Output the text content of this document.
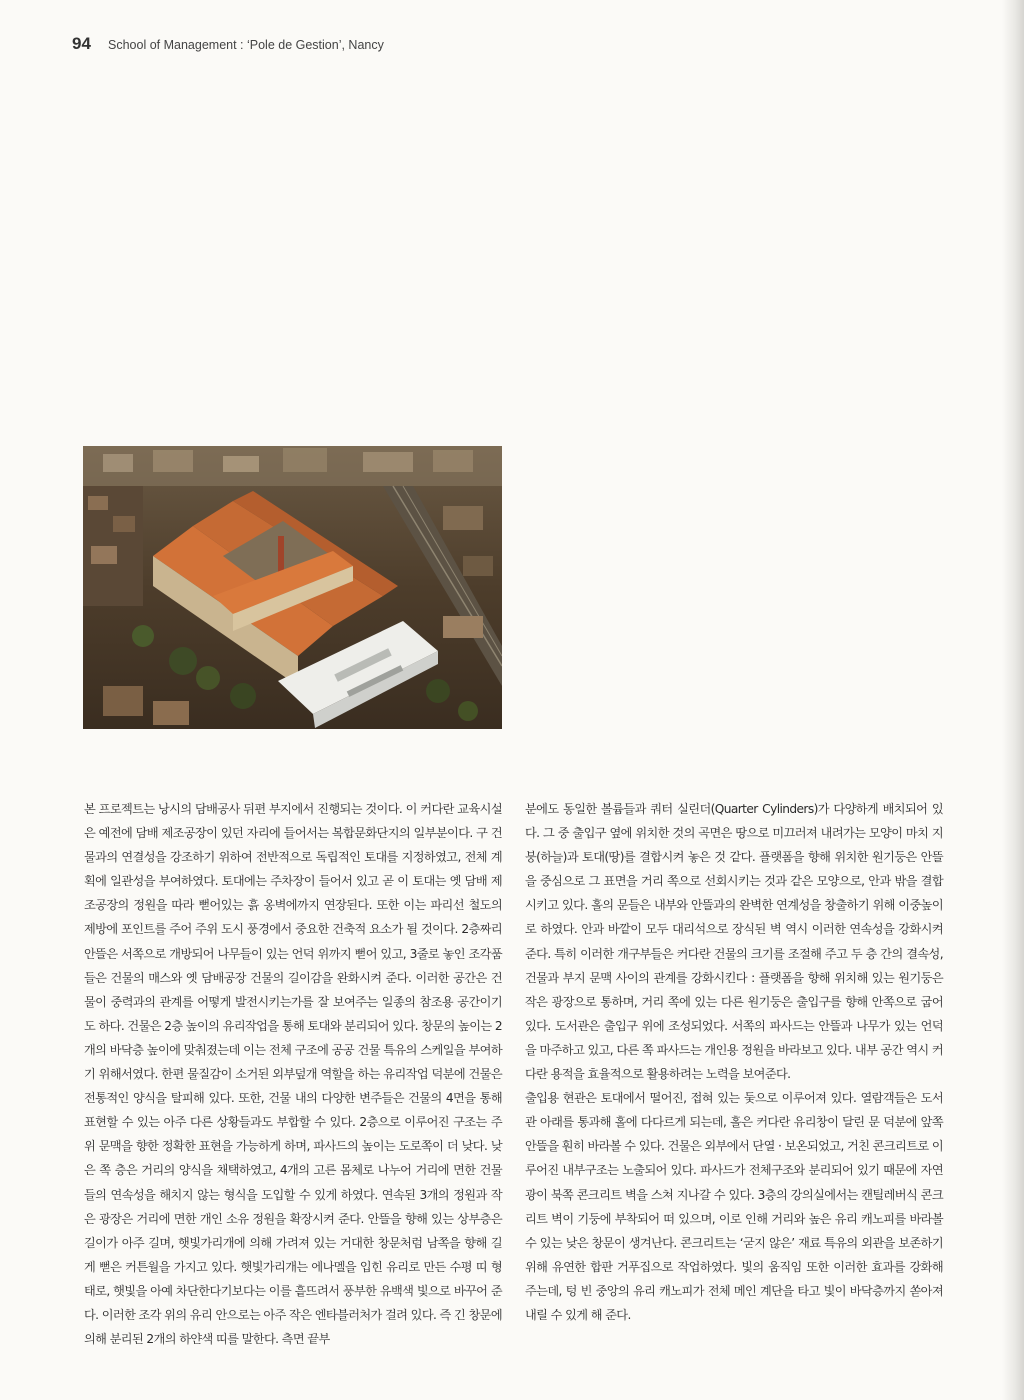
94 School of Management : ‘Pole de Gestion’, Nancy

본 프로젝트는 낭시의 담배공사 뒤편 부지에서 진행되는 것이다. 이 커다란 교육시설은 예전에 담배 제조공장이 있던 자리에 들어서는 복합문화단지의 일부분이다. 구 건물과의 연결성을 강조하기 위하여 전반적으로 독립적인 토대를 지정하였고, 전체 계획에 일관성을 부여하였다. 토대에는 주차장이 들어서 있고 곧 이 토대는 옛 담배 제조공장의 정원을 따라 뻗어있는 흙 옹벽에까지 연장된다. 또한 이는 파리선 철도의 제방에 포인트를 주어 주위 도시 풍경에서 중요한 건축적 요소가 될 것이다. 2층짜리 안뜰은 서쪽으로 개방되어 나무들이 있는 언덕 위까지 뻗어 있고, 3줄로 놓인 조각품들은 건물의 매스와 옛 담배공장 건물의 길이감을 완화시켜 준다. 이러한 공간은 건물이 중력과의 관계를 어떻게 발전시키는가를 잘 보여주는 일종의 참조용 공간이기도 하다. 건물은 2층 높이의 유리작업을 통해 토대와 분리되어 있다. 창문의 높이는 2개의 바닥층 높이에 맞춰졌는데 이는 전체 구조에 공공 건물 특유의 스케일을 부여하기 위해서였다. 한편 물질감이 소거된 외부덮개 역할을 하는 유리작업 덕분에 건물은 전통적인 양식을 탈피해 있다. 또한, 건물 내의 다양한 변주들은 건물의 4면을 통해 표현할 수 있는 아주 다른 상황들과도 부합할 수 있다. 2층으로 이루어진 구조는 주위 문맥을 향한 정확한 표현을 가능하게 하며, 파사드의 높이는 도로쪽이 더 낮다. 낮은 쪽 층은 거리의 양식을 채택하였고, 4개의 고른 몸체로 나누어 거리에 면한 건물들의 연속성을 해치지 않는 형식을 도입할 수 있게 하였다. 연속된 3개의 정원과 작은 광장은 거리에 면한 개인 소유 정원을 확장시켜 준다. 안뜰을 향해 있는 상부층은 길이가 아주 길며, 햇빛가리개에 의해 가려져 있는 거대한 창문처럼 남쪽을 향해 길게 뻗은 커튼월을 가지고 있다. 햇빛가리개는 에나멜을 입힌 유리로 만든 수평 띠 형태로, 햇빛을 아예 차단한다기보다는 이를 흩뜨려서 풍부한 유백색 빛으로 바꾸어 준다. 이러한 조각 위의 유리 안으로는 아주 작은 엔타블러처가 걸려 있다. 즉 긴 창문에 의해 분리된 2개의 하얀색 띠를 말한다. 측면 끝부

분에도 동일한 볼륨들과 쿼터 실린더(Quarter Cylinders)가 다양하게 배치되어 있다. 그 중 출입구 옆에 위치한 것의 곡면은 땅으로 미끄러져 내려가는 모양이 마치 지붕(하늘)과 토대(땅)를 결합시켜 놓은 것 같다. 플랫폼을 향해 위치한 원기둥은 안뜰을 중심으로 그 표면을 거리 쪽으로 선회시키는 것과 같은 모양으로, 안과 밖을 결합시키고 있다. 홀의 문들은 내부와 안뜰과의 완벽한 연계성을 창출하기 위해 이중높이로 하였다. 안과 바깥이 모두 대리석으로 장식된 벽 역시 이러한 연속성을 강화시켜 준다. 특히 이러한 개구부들은 커다란 건물의 크기를 조절해 주고 두 층 간의 결속성, 건물과 부지 문맥 사이의 관계를 강화시킨다 : 플랫폼을 향해 위치해 있는 원기둥은 작은 광장으로 통하며, 거리 쪽에 있는 다른 원기둥은 출입구를 향해 안쪽으로 굽어 있다. 도서관은 출입구 위에 조성되었다. 서쪽의 파사드는 안뜰과 나무가 있는 언덕을 마주하고 있고, 다른 쪽 파사드는 개인용 정원을 바라보고 있다. 내부 공간 역시 커다란 용적을 효율적으로 활용하려는 노력을 보여준다.

출입용 현관은 토대에서 떨어진, 접혀 있는 둦으로 이루어져 있다. 열람객들은 도서관 아래를 통과해 홀에 다다르게 되는데, 홀은 커다란 유리창이 달린 문 덕분에 앞쪽 안뜰을 훤히 바라볼 수 있다. 건물은 외부에서 단열 · 보온되었고, 거친 콘크리트로 이루어진 내부구조는 노출되어 있다. 파사드가 전체구조와 분리되어 있기 때문에 자연광이 북쪽 콘크리트 벽을 스쳐 지나갈 수 있다. 3층의 강의실에서는 캔틸레버식 콘크리트 벽이 기둥에 부착되어 떠 있으며, 이로 인해 거리와 높은 유리 캐노피를 바라볼 수 있는 낮은 창문이 생겨난다. 콘크리트는 ‘굳지 않은’ 재료 특유의 외관을 보존하기 위해 유연한 합판 거푸집으로 작업하였다. 빛의 움직임 또한 이러한 효과를 강화해 주는데, 텅 빈 중앙의 유리 캐노피가 전체 메인 계단을 타고 빛이 바닥층까지 쏟아져 내릴 수 있게 해 준다.
